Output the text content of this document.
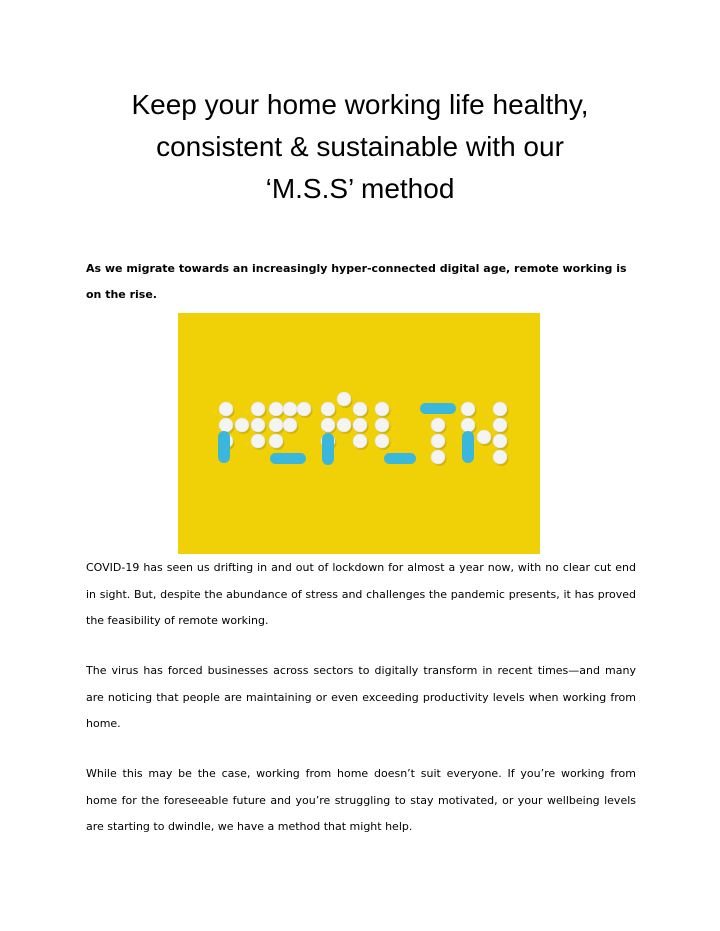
Keep your home working life healthy,
consistent & sustainable with our
‘M.S.S’ method

As we migrate towards an increasingly hyper-connected digital age, remote working is on the rise.

COVID-19 has seen us drifting in and out of lockdown for almost a year now, with no clear cut end in sight. But, despite the abundance of stress and challenges the pandemic presents, it has proved the feasibility of remote working.

The virus has forced businesses across sectors to digitally transform in recent times—and many are noticing that people are maintaining or even exceeding productivity levels when working from home.

While this may be the case, working from home doesn’t suit everyone. If you’re working from home for the foreseeable future and you’re struggling to stay motivated, or your wellbeing levels are starting to dwindle, we have a method that might help.
